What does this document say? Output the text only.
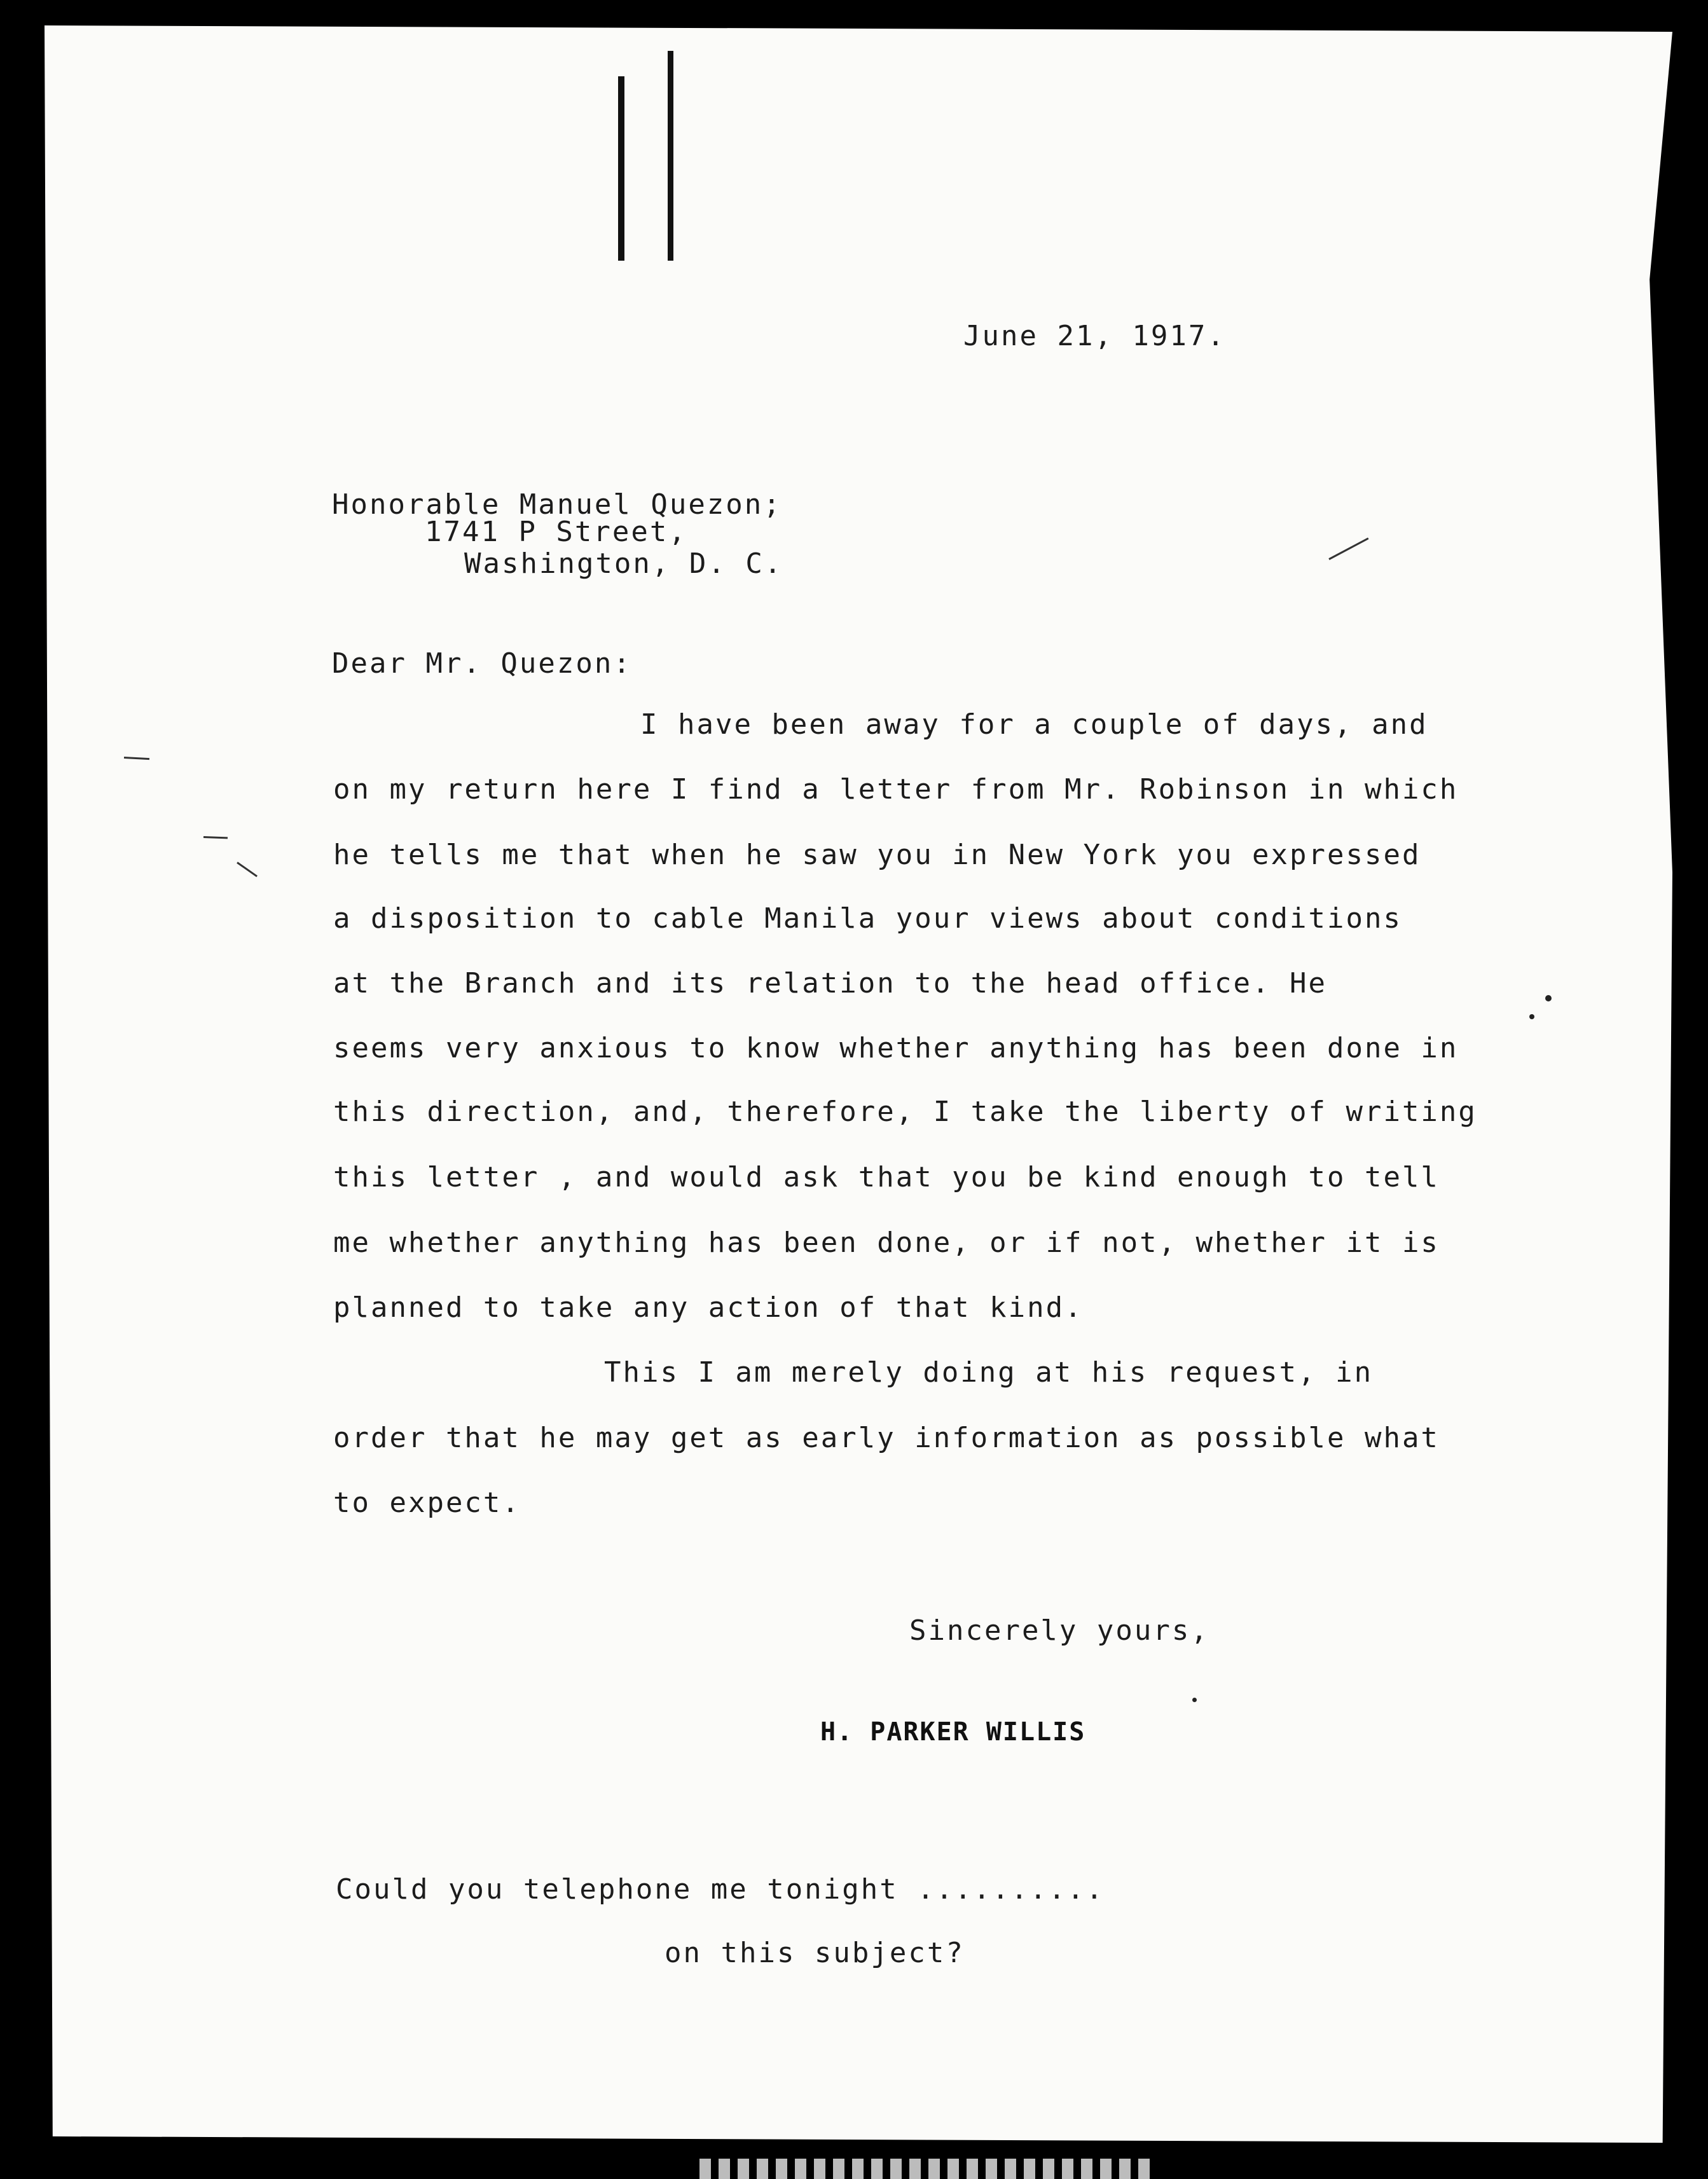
June 21, 1917.
Honorable Manuel Quezon;
1741 P Street,
Washington, D. C.
Dear Mr. Quezon:
I have been away for a couple of days, and
on my return here I find a letter from Mr. Robinson in which
he tells me that when he saw you in New York you expressed
a disposition to cable Manila your views about conditions
at the Branch and its relation to the head office. He
seems very anxious to know whether anything has been done in
this direction, and, therefore, I take the liberty of writing
this letter , and would ask that you be kind enough to tell
me whether anything has been done, or if not, whether it is
planned to take any action of that kind.
This I am merely doing at his request, in
order that he may get as early information as possible what
to expect.
Sincerely yours,
H. PARKER WILLIS
Could you telephone me tonight ..........
on this subject?
